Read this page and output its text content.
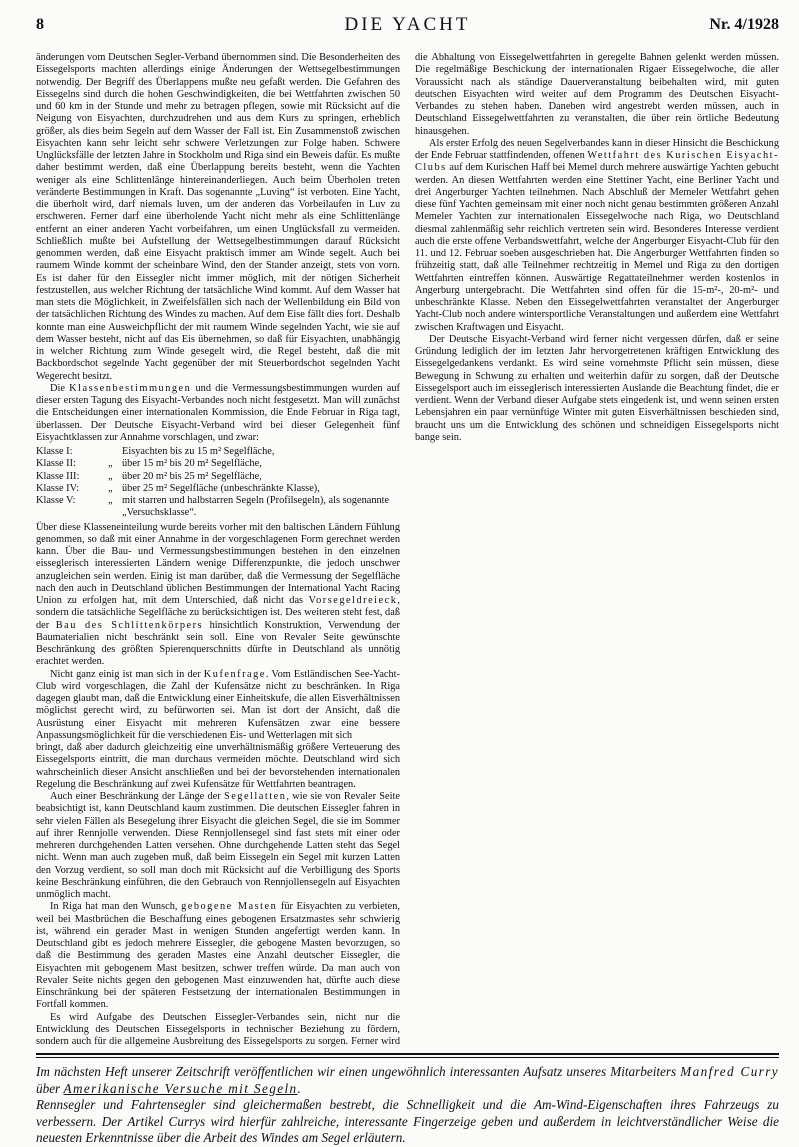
8	DIE YACHT	Nr. 4/1928

änderungen vom Deutschen Segler-Verband übernommen sind. Die Besonderheiten des Eissegelsports machten allerdings einige Änderungen der Wettsegelbestimmungen notwendig. Der Begriff des Überlappens mußte neu gefaßt werden. Die Gefahren des Eissegelns sind durch die hohen Geschwindigkeiten, die bei Wettfahrten zwischen 50 und 60 km in der Stunde und mehr zu betragen pflegen, sowie mit Rücksicht auf die Neigung von Eisyachten, durchzudrehen und aus dem Kurs zu springen, erheblich größer, als dies beim Segeln auf dem Wasser der Fall ist. Ein Zusammenstoß zwischen Eisyachten kann sehr leicht sehr schwere Verletzungen zur Folge haben. Schwere Unglücksfälle der letzten Jahre in Stockholm und Riga sind ein Beweis dafür. Es mußte daher bestimmt werden, daß eine Überlappung bereits besteht, wenn die Yachten weniger als eine Schlittenlänge hintereinanderliegen. Auch beim Überholen treten veränderte Bestimmungen in Kraft. Das sogenannte „Luving“ ist verboten. Eine Yacht, die überholt wird, darf niemals luven, um der anderen das Vorbeilaufen in Luv zu erschweren. Ferner darf eine überholende Yacht nicht mehr als eine Schlittenlänge entfernt an einer anderen Yacht vorbeifahren, um einen Unglücksfall zu vermeiden. Schließlich mußte bei Aufstellung der Wettsegelbestimmungen darauf Rücksicht genommen werden, daß eine Eisyacht praktisch immer am Winde segelt. Auch bei raumem Winde kommt der scheinbare Wind, den der Stander anzeigt, stets von vorn. Es ist daher für den Eissegler nicht immer möglich, mit der nötigen Sicherheit festzustellen, aus welcher Richtung der tatsächliche Wind kommt. Auf dem Wasser hat man stets die Möglichkeit, in Zweifelsfällen sich nach der Wellenbildung ein Bild von der tatsächlichen Richtung des Windes zu machen. Auf dem Eise fällt dies fort. Deshalb konnte man eine Ausweichpflicht der mit raumem Winde segelnden Yacht, wie sie auf dem Wasser besteht, nicht auf das Eis übernehmen, so daß für Eisyachten, unabhängig in welcher Richtung zum Winde gesegelt wird, die Regel besteht, daß die mit Backbordschot segelnde Yacht gegenüber der mit Steuerbordschot segelnden Yacht Wegerecht besitzt.

Die Klassenbestimmungen und die Vermessungsbestimmungen wurden auf dieser ersten Tagung des Eisyacht-Verbandes noch nicht festgesetzt. Man will zunächst die Entscheidungen einer internationalen Kommission, die Ende Februar in Riga tagt, überlassen. Der Deutsche Eisyacht-Verband wird bei dieser Gelegenheit fünf Eisyachtklassen zur Annahme vorschlagen, und zwar:

Klasse I:	Eisyachten bis zu 15 m² Segelfläche,
Klasse II:	„ über 15 m² bis 20 m² Segelfläche,
Klasse III:	„ über 20 m² bis 25 m² Segelfläche,
Klasse IV:	„ über 25 m² Segelfläche (unbeschränkte Klasse),
Klasse V:	„ mit starren und halbstarren Segeln (Profilsegeln), als sogenannte „Versuchsklasse“.

Über diese Klasseneinteilung wurde bereits vorher mit den baltischen Ländern Fühlung genommen, so daß mit einer Annahme in der vorgeschlagenen Form gerechnet werden kann. Über die Bau- und Vermessungsbestimmungen bestehen in den einzelnen eisseglerisch interessierten Ländern wenige Differenzpunkte, die jedoch unschwer anzugleichen sein werden. Einig ist man darüber, daß die Vermessung der Segelfläche nach den auch in Deutschland üblichen Bestimmungen der International Yacht Racing Union zu erfolgen hat, mit dem Unterschied, daß nicht das Vorsegeldreieck, sondern die tatsächliche Segelfläche zu berücksichtigen ist. Des weiteren steht fest, daß der Bau des Schlittenkörpers hinsichtlich Konstruktion, Verwendung der Baumaterialien nicht beschränkt sein soll. Eine von Revaler Seite gewünschte Beschränkung des größten Spierenquerschnitts dürfte in Deutschland als unnötig erachtet werden.

Nicht ganz einig ist man sich in der Kufenfrage. Vom Estländischen See-Yacht-Club wird vorgeschlagen, die Zahl der Kufensätze nicht zu beschränken. In Riga dagegen glaubt man, daß die Entwicklung einer Einheitskufe, die allen Eisverhältnissen möglichst gerecht wird, zu befürworten sei. Man ist dort der Ansicht, daß die Ausrüstung einer Eisyacht mit mehreren Kufensätzen zwar eine bessere Anpassungsmöglichkeit für die verschiedenen Eis- und Wetterlagen mit sich

bringt, daß aber dadurch gleichzeitig eine unverhältnismäßig größere Verteuerung des Eissegelsports eintritt, die man durchaus vermeiden möchte. Deutschland wird sich wahrscheinlich dieser Ansicht anschließen und bei der bevorstehenden internationalen Regelung die Beschränkung auf zwei Kufensätze für Wettfahrten beantragen.

Auch einer Beschränkung der Länge der Segellatten, wie sie von Revaler Seite beabsichtigt ist, kann Deutschland kaum zustimmen. Die deutschen Eissegler fahren in sehr vielen Fällen als Besegelung ihrer Eisyacht die gleichen Segel, die sie im Sommer auf ihrer Rennjolle verwenden. Diese Rennjollensegel sind fast stets mit einer oder mehreren durchgehenden Latten versehen. Ohne durchgehende Latten steht das Segel nicht. Wenn man auch zugeben muß, daß beim Eissegeln ein Segel mit kurzen Latten den Vorzug verdient, so soll man doch mit Rücksicht auf die Verbilligung des Sports keine Beschränkung einführen, die den Gebrauch von Rennjollensegeln auf Eisyachten unmöglich macht.

In Riga hat man den Wunsch, gebogene Masten für Eisyachten zu verbieten, weil bei Mastbrüchen die Beschaffung eines gebogenen Ersatzmastes sehr schwierig ist, während ein gerader Mast in wenigen Stunden angefertigt werden kann. In Deutschland gibt es jedoch mehrere Eissegler, die gebogene Masten bevorzugen, so daß die Bestimmung des geraden Mastes eine Anzahl deutscher Eissegler, die Eisyachten mit gebogenem Mast besitzen, schwer treffen würde. Da man auch von Revaler Seite nichts gegen den gebogenen Mast einzuwenden hat, dürfte auch diese Einschränkung bei der späteren Festsetzung der internationalen Bestimmungen in Fortfall kommen.

Es wird Aufgabe des Deutschen Eissegler-Verbandes sein, nicht nur die Entwicklung des Deutschen Eissegelsports in technischer Beziehung zu fördern, sondern auch für die allgemeine Ausbreitung des Eissegelsports zu sorgen. Ferner wird die Abhaltung von Eissegelwettfahrten in geregelte Bahnen gelenkt werden müssen. Die regelmäßige Beschickung der internationalen Rigaer Eissegelwoche, die aller Voraussicht nach als ständige Dauerveranstaltung beibehalten wird, mit guten deutschen Eisyachten wird weiter auf dem Programm des Deutschen Eisyacht-Verbandes zu stehen haben. Daneben wird angestrebt werden müssen, auch in Deutschland Eissegelwettfahrten zu veranstalten, die über rein örtliche Bedeutung hinausgehen.

Als erster Erfolg des neuen Segelverbandes kann in dieser Hinsicht die Beschickung der Ende Februar stattfindenden, offenen Wettfahrt des Kurischen Eisyacht-Clubs auf dem Kurischen Haff bei Memel durch mehrere auswärtige Yachten gebucht werden. An diesen Wettfahrten werden eine Stettiner Yacht, eine Berliner Yacht und drei Angerburger Yachten teilnehmen. Nach Abschluß der Memeler Wettfahrt gehen diese fünf Yachten gemeinsam mit einer noch nicht genau bestimmten größeren Anzahl Memeler Yachten zur internationalen Eissegelwoche nach Riga, wo Deutschland diesmal zahlenmäßig sehr reichlich vertreten sein wird. Besonderes Interesse verdient auch die erste offene Verbandswettfahrt, welche der Angerburger Eisyacht-Club für den 11. und 12. Februar soeben ausgeschrieben hat. Die Angerburger Wettfahrten finden so frühzeitig statt, daß alle Teilnehmer rechtzeitig in Memel und Riga zu den dortigen Wettfahrten eintreffen können. Auswärtige Regattateilnehmer werden kostenlos in Angerburg untergebracht. Die Wettfahrten sind offen für die 15-m²-, 20-m²- und unbeschränkte Klasse. Neben den Eissegelwettfahrten veranstaltet der Angerburger Yacht-Club noch andere wintersportliche Veranstaltungen und außerdem eine Wettfahrt zwischen Kraftwagen und Eisyacht.

Der Deutsche Eisyacht-Verband wird ferner nicht vergessen dürfen, daß er seine Gründung lediglich der im letzten Jahr hervorgetretenen kräftigen Entwicklung des Eissegelgedankens verdankt. Es wird seine vornehmste Pflicht sein müssen, diese Bewegung in Schwung zu erhalten und weiterhin dafür zu sorgen, daß der Deutsche Eissegelsport auch im eisseglerisch interessierten Auslande die Beachtung findet, die er verdient. Wenn der Verband dieser Aufgabe stets eingedenk ist, und wenn seinen ersten Lebensjahren ein paar vernünftige Winter mit guten Eisverhältnissen beschieden sind, braucht uns um die Entwicklung des schönen und schneidigen Eissegelsports nicht bange sein.

Im nächsten Heft unserer Zeitschrift veröffentlichen wir einen ungewöhnlich interessanten Aufsatz unseres Mitarbeiters Manfred Curry über Amerikanische Versuche mit Segeln.

Rennsegler und Fahrtensegler sind gleichermaßen bestrebt, die Schnelligkeit und die Am-Wind-Eigenschaften ihres Fahrzeugs zu verbessern. Der Artikel Currys wird hierfür zahlreiche, interessante Fingerzeige geben und außerdem in leichtverständlicher Weise die neuesten Erkenntnisse über die Arbeit des Windes am Segel erläutern.
